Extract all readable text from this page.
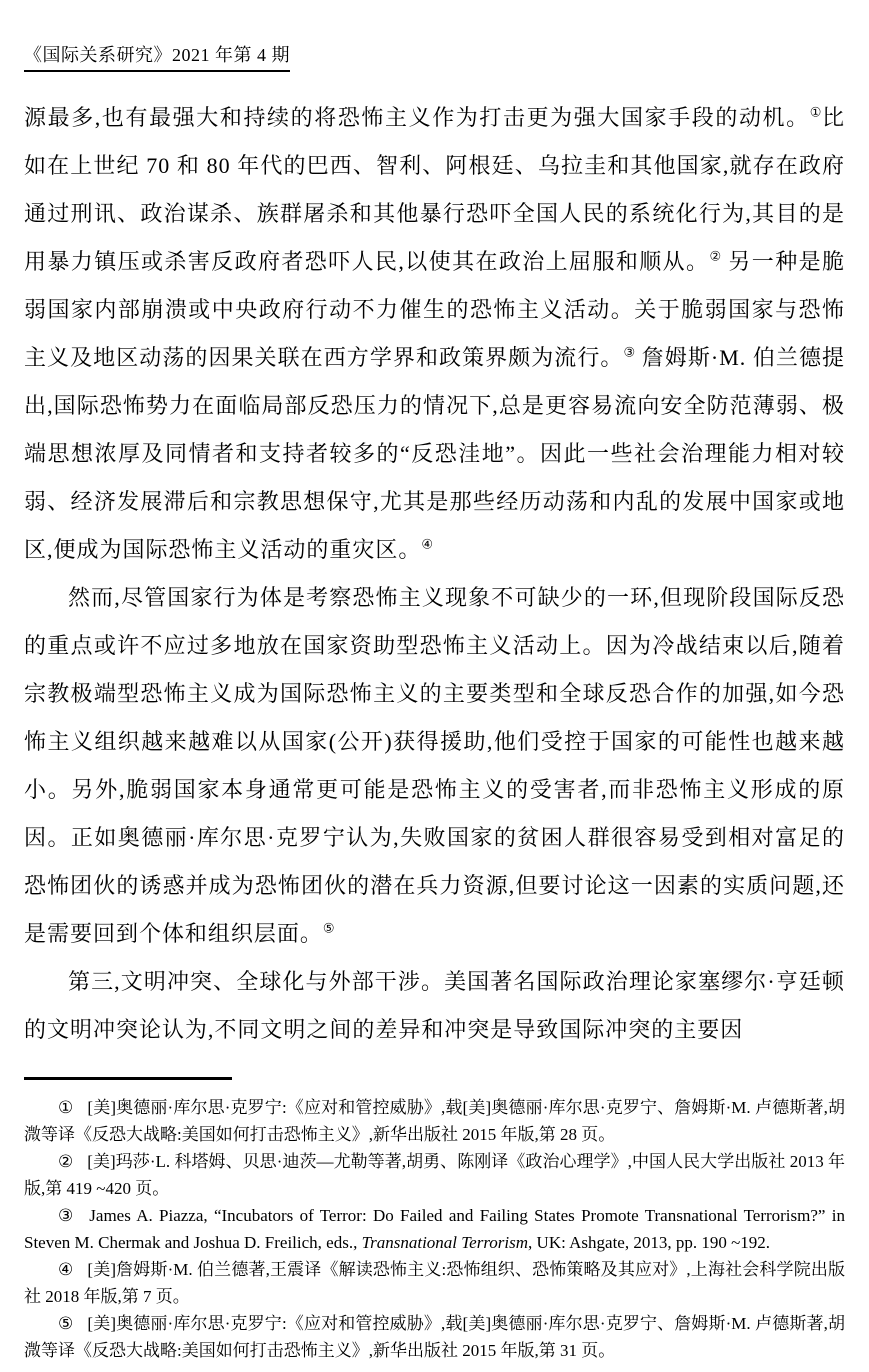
《国际关系研究》2021 年第 4 期

源最多,也有最强大和持续的将恐怖主义作为打击更为强大国家手段的动机。①比如在上世纪 70 和 80 年代的巴西、智利、阿根廷、乌拉圭和其他国家,就存在政府通过刑讯、政治谋杀、族群屠杀和其他暴行恐吓全国人民的系统化行为,其目的是用暴力镇压或杀害反政府者恐吓人民,以使其在政治上屈服和顺从。② 另一种是脆弱国家内部崩溃或中央政府行动不力催生的恐怖主义活动。关于脆弱国家与恐怖主义及地区动荡的因果关联在西方学界和政策界颇为流行。③ 詹姆斯·M. 伯兰德提出,国际恐怖势力在面临局部反恐压力的情况下,总是更容易流向安全防范薄弱、极端思想浓厚及同情者和支持者较多的“反恐洼地”。因此一些社会治理能力相对较弱、经济发展滞后和宗教思想保守,尤其是那些经历动荡和内乱的发展中国家或地区,便成为国际恐怖主义活动的重灾区。④

然而,尽管国家行为体是考察恐怖主义现象不可缺少的一环,但现阶段国际反恐的重点或许不应过多地放在国家资助型恐怖主义活动上。因为冷战结束以后,随着宗教极端型恐怖主义成为国际恐怖主义的主要类型和全球反恐合作的加强,如今恐怖主义组织越来越难以从国家(公开)获得援助,他们受控于国家的可能性也越来越小。另外,脆弱国家本身通常更可能是恐怖主义的受害者,而非恐怖主义形成的原因。正如奥德丽·库尔思·克罗宁认为,失败国家的贫困人群很容易受到相对富足的恐怖团伙的诱惑并成为恐怖团伙的潜在兵力资源,但要讨论这一因素的实质问题,还是需要回到个体和组织层面。⑤

第三,文明冲突、全球化与外部干涉。美国著名国际政治理论家塞缪尔·亨廷顿的文明冲突论认为,不同文明之间的差异和冲突是导致国际冲突的主要因

① [美]奥德丽·库尔思·克罗宁:《应对和管控威胁》,载[美]奥德丽·库尔思·克罗宁、詹姆斯·M. 卢德斯著,胡溦等译《反恐大战略:美国如何打击恐怖主义》,新华出版社 2015 年版,第 28 页。

② [美]玛莎·L. 科塔姆、贝思·迪茨—尤勒等著,胡勇、陈刚译《政治心理学》,中国人民大学出版社 2013 年版,第 419 ~420 页。

③ James A. Piazza, “Incubators of Terror: Do Failed and Failing States Promote Transnational Terrorism?” in Steven M. Chermak and Joshua D. Freilich, eds., Transnational Terrorism, UK: Ashgate, 2013, pp. 190 ~192.

④ [美]詹姆斯·M. 伯兰德著,王震译《解读恐怖主义:恐怖组织、恐怖策略及其应对》,上海社会科学院出版社 2018 年版,第 7 页。

⑤ [美]奥德丽·库尔思·克罗宁:《应对和管控威胁》,载[美]奥德丽·库尔思·克罗宁、詹姆斯·M. 卢德斯著,胡溦等译《反恐大战略:美国如何打击恐怖主义》,新华出版社 2015 年版,第 31 页。
